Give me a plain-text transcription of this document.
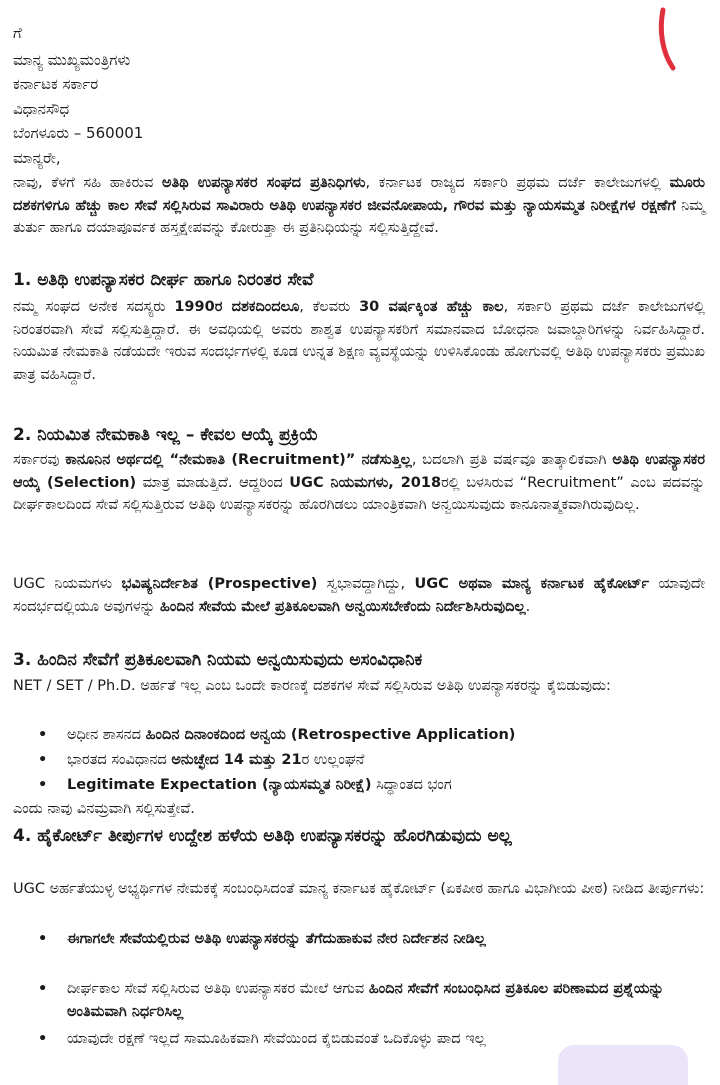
ಗೆ
ಮಾನ್ಯ ಮುಖ್ಯಮಂತ್ರಿಗಳು
ಕರ್ನಾಟಕ ಸರ್ಕಾರ
ವಿಧಾನಸೌಧ
ಬೆಂಗಳೂರು – 560001
ಮಾನ್ಯರೇ,
ನಾವು, ಕೆಳಗೆ ಸಹಿ ಹಾಕಿರುವ ಅತಿಥಿ ಉಪನ್ಯಾಸಕರ ಸಂಘದ ಪ್ರತಿನಿಧಿಗಳು, ಕರ್ನಾಟಕ ರಾಜ್ಯದ ಸರ್ಕಾರಿ ಪ್ರಥಮ ದರ್ಜೆ ಕಾಲೇಜುಗಳಲ್ಲಿ ಮೂರು ದಶಕಗಳಿಗೂ ಹೆಚ್ಚು ಕಾಲ ಸೇವೆ ಸಲ್ಲಿಸಿರುವ ಸಾವಿರಾರು ಅತಿಥಿ ಉಪನ್ಯಾಸಕರ ಜೀವನೋಪಾಯ, ಗೌರವ ಮತ್ತು ನ್ಯಾಯಸಮ್ಮತ ನಿರೀಕ್ಷೆಗಳ ರಕ್ಷಣೆಗೆ ನಿಮ್ಮ ತುರ್ತು ಹಾಗೂ ದಯಾಪೂರ್ವಕ ಹಸ್ತಕ್ಷೇಪವನ್ನು ಕೋರುತ್ತಾ ಈ ಪ್ರತಿನಿಧಿಯನ್ನು ಸಲ್ಲಿಸುತ್ತಿದ್ದೇವೆ.
1. ಅತಿಥಿ ಉಪನ್ಯಾಸಕರ ದೀರ್ಘ ಹಾಗೂ ನಿರಂತರ ಸೇವೆ
ನಮ್ಮ ಸಂಘದ ಅನೇಕ ಸದಸ್ಯರು 1990ರ ದಶಕದಿಂದಲೂ, ಕೆಲವರು 30 ವರ್ಷಕ್ಕಿಂತ ಹೆಚ್ಚು ಕಾಲ, ಸರ್ಕಾರಿ ಪ್ರಥಮ ದರ್ಜೆ ಕಾಲೇಜುಗಳಲ್ಲಿ ನಿರಂತರವಾಗಿ ಸೇವೆ ಸಲ್ಲಿಸುತ್ತಿದ್ದಾರೆ. ಈ ಅವಧಿಯಲ್ಲಿ ಅವರು ಶಾಶ್ವತ ಉಪನ್ಯಾಸಕರಿಗೆ ಸಮಾನವಾದ ಬೋಧನಾ ಜವಾಬ್ದಾರಿಗಳನ್ನು ನಿರ್ವಹಿಸಿದ್ದಾರೆ. ನಿಯಮಿತ ನೇಮಕಾತಿ ನಡೆಯದೇ ಇರುವ ಸಂದರ್ಭಗಳಲ್ಲಿ ಕೂಡ ಉನ್ನತ ಶಿಕ್ಷಣ ವ್ಯವಸ್ಥೆಯನ್ನು ಉಳಿಸಿಕೊಂಡು ಹೋಗುವಲ್ಲಿ ಅತಿಥಿ ಉಪನ್ಯಾಸಕರು ಪ್ರಮುಖ ಪಾತ್ರ ವಹಿಸಿದ್ದಾರೆ.
2. ನಿಯಮಿತ ನೇಮಕಾತಿ ಇಲ್ಲ – ಕೇವಲ ಆಯ್ಕೆ ಪ್ರಕ್ರಿಯೆ
ಸರ್ಕಾರವು ಕಾನೂನಿನ ಅರ್ಥದಲ್ಲಿ “ನೇಮಕಾತಿ (Recruitment)” ನಡೆಸುತ್ತಿಲ್ಲ, ಬದಲಾಗಿ ಪ್ರತಿ ವರ್ಷವೂ ತಾತ್ಕಾಲಿಕವಾಗಿ ಅತಿಥಿ ಉಪನ್ಯಾಸಕರ ಆಯ್ಕೆ (Selection) ಮಾತ್ರ ಮಾಡುತ್ತಿದೆ. ಆದ್ದರಿಂದ UGC ನಿಯಮಗಳು, 2018ರಲ್ಲಿ ಬಳಸಿರುವ “Recruitment” ಎಂಬ ಪದವನ್ನು ದೀರ್ಘಕಾಲದಿಂದ ಸೇವೆ ಸಲ್ಲಿಸುತ್ತಿರುವ ಅತಿಥಿ ಉಪನ್ಯಾಸಕರನ್ನು ಹೊರಗಿಡಲು ಯಾಂತ್ರಿಕವಾಗಿ ಅನ್ವಯಿಸುವುದು ಕಾನೂನಾತ್ಮಕವಾಗಿರುವುದಿಲ್ಲ.
UGC ನಿಯಮಗಳು ಭವಿಷ್ಯನಿರ್ದೇಶಿತ (Prospective) ಸ್ವಭಾವದ್ದಾಗಿದ್ದು, UGC ಅಥವಾ ಮಾನ್ಯ ಕರ್ನಾಟಕ ಹೈಕೋರ್ಟ್ ಯಾವುದೇ ಸಂದರ್ಭದಲ್ಲಿಯೂ ಅವುಗಳನ್ನು ಹಿಂದಿನ ಸೇವೆಯ ಮೇಲೆ ಪ್ರತಿಕೂಲವಾಗಿ ಅನ್ವಯಿಸಬೇಕೆಂದು ನಿರ್ದೇಶಿಸಿರುವುದಿಲ್ಲ.
3. ಹಿಂದಿನ ಸೇವೆಗೆ ಪ್ರತಿಕೂಲವಾಗಿ ನಿಯಮ ಅನ್ವಯಿಸುವುದು ಅಸಂವಿಧಾನಿಕ
NET / SET / Ph.D. ಅರ್ಹತೆ ಇಲ್ಲ ಎಂಬ ಒಂದೇ ಕಾರಣಕ್ಕೆ ದಶಕಗಳ ಸೇವೆ ಸಲ್ಲಿಸಿರುವ ಅತಿಥಿ ಉಪನ್ಯಾಸಕರನ್ನು ಕೈಬಿಡುವುದು:
• ಅಧೀನ ಶಾಸನದ ಹಿಂದಿನ ದಿನಾಂಕದಿಂದ ಅನ್ವಯ (Retrospective Application)
• ಭಾರತದ ಸಂವಿಧಾನದ ಅನುಚ್ಛೇದ 14 ಮತ್ತು 21ರ ಉಲ್ಲಂಘನೆ
• Legitimate Expectation (ನ್ಯಾಯಸಮ್ಮತ ನಿರೀಕ್ಷೆ) ಸಿದ್ಧಾಂತದ ಭಂಗ
ಎಂದು ನಾವು ವಿನಮ್ರವಾಗಿ ಸಲ್ಲಿಸುತ್ತೇವೆ.
4. ಹೈಕೋರ್ಟ್ ತೀರ್ಪುಗಳ ಉದ್ದೇಶ ಹಳೆಯ ಅತಿಥಿ ಉಪನ್ಯಾಸಕರನ್ನು ಹೊರಗಿಡುವುದು ಅಲ್ಲ
UGC ಅರ್ಹತೆಯುಳ್ಳ ಅಭ್ಯರ್ಥಿಗಳ ನೇಮಕಕ್ಕೆ ಸಂಬಂಧಿಸಿದಂತೆ ಮಾನ್ಯ ಕರ್ನಾಟಕ ಹೈಕೋರ್ಟ್ (ಏಕಪೀಠ ಹಾಗೂ ವಿಭಾಗೀಯ ಪೀಠ) ನೀಡಿದ ತೀರ್ಪುಗಳು:
• ಈಗಾಗಲೇ ಸೇವೆಯಲ್ಲಿರುವ ಅತಿಥಿ ಉಪನ್ಯಾಸಕರನ್ನು ತೆಗೆದುಹಾಕುವ ನೇರ ನಿರ್ದೇಶನ ನೀಡಿಲ್ಲ
• ದೀರ್ಘಕಾಲ ಸೇವೆ ಸಲ್ಲಿಸಿರುವ ಅತಿಥಿ ಉಪನ್ಯಾಸಕರ ಮೇಲೆ ಆಗುವ ಹಿಂದಿನ ಸೇವೆಗೆ ಸಂಬಂಧಿಸಿದ ಪ್ರತಿಕೂಲ ಪರಿಣಾಮದ ಪ್ರಶ್ನೆಯನ್ನು ಅಂತಿಮವಾಗಿ ನಿರ್ಧರಿಸಿಲ್ಲ
• ಯಾವುದೇ ರಕ್ಷಣೆ ಇಲ್ಲದೆ ಸಾಮೂಹಿಕವಾಗಿ ಸೇವೆಯಿಂದ ಕೈಬಿಡುವಂತೆ ಒದಿಕೊಳ್ಳು ಪಾದ ಇಲ್ಲ
